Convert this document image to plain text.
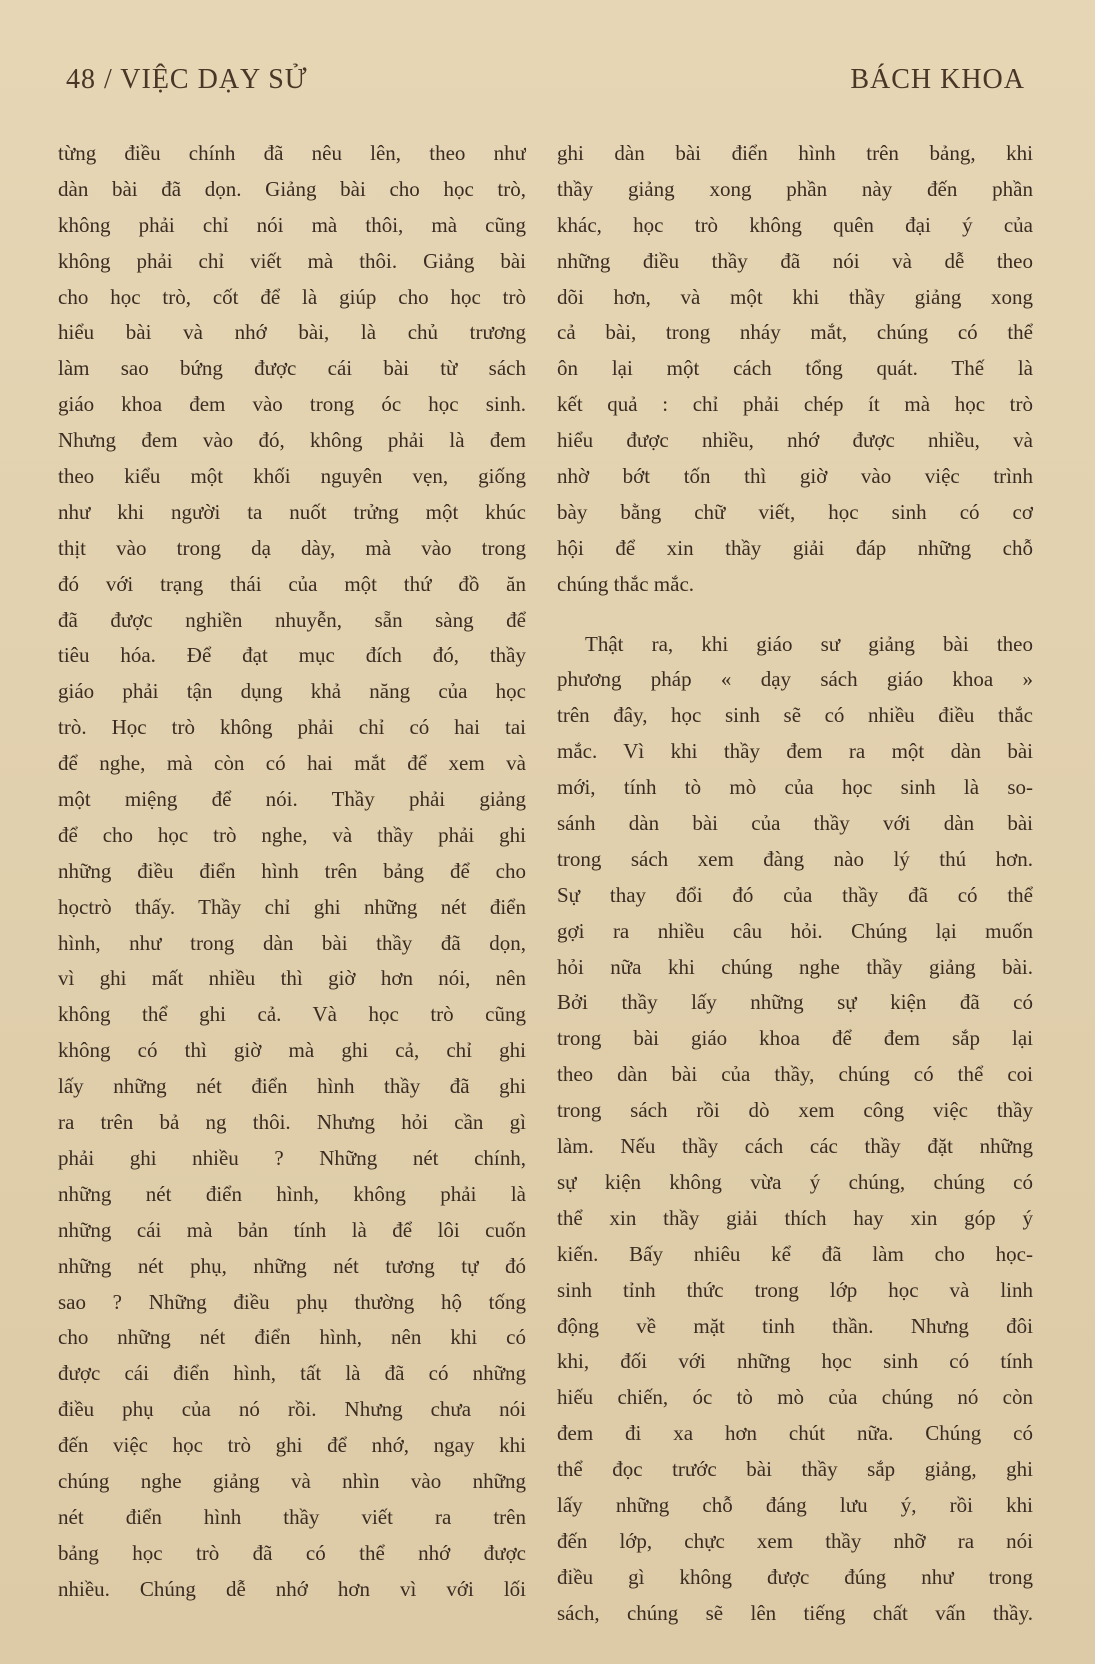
48 / VIỆC DẠY SỬ	BÁCH KHOA
từng điều chính đã nêu lên, theo như
dàn bài đã dọn. Giảng bài cho học trò,
không phải chỉ nói mà thôi, mà cũng
không phải chỉ viết mà thôi. Giảng bài
cho học trò, cốt để là giúp cho học trò
hiểu bài và nhớ bài, là chủ trương
làm sao bứng được cái bài từ sách
giáo khoa đem vào trong óc học sinh.
Nhưng đem vào đó, không phải là đem
theo kiểu một khối nguyên vẹn, giống
như khi người ta nuốt trửng một khúc
thịt vào trong dạ dày, mà vào trong
đó với trạng thái của một thứ đồ ăn
đã được nghiền nhuyễn, sẵn sàng để
tiêu hóa. Để đạt mục đích đó, thầy
giáo phải tận dụng khả năng của học
trò. Học trò không phải chỉ có hai tai
để nghe, mà còn có hai mắt để xem và
một miệng để nói. Thầy phải giảng
để cho học trò nghe, và thầy phải ghi
những điều điển hình trên bảng để cho
họctrò thấy. Thầy chỉ ghi những nét điển
hình, như trong dàn bài thầy đã dọn,
vì ghi mất nhiều thì giờ hơn nói, nên
không thể ghi cả. Và học trò cũng
không có thì giờ mà ghi cả, chỉ ghi
lấy những nét điển hình thầy đã ghi
ra trên bả ng thôi. Nhưng hỏi cần gì
phải ghi nhiều ? Những nét chính,
những nét điển hình, không phải là
những cái mà bản tính là để lôi cuốn
những nét phụ, những nét tương tự đó
sao ? Những điều phụ thường hộ tống
cho những nét điển hình, nên khi có
được cái điển hình, tất là đã có những
điều phụ của nó rồi. Nhưng chưa nói
đến việc học trò ghi để nhớ, ngay khi
chúng nghe giảng và nhìn vào những
nét điển hình thầy viết ra trên
bảng học trò đã có thể nhớ được
nhiều. Chúng dễ nhớ hơn vì với lối
ghi dàn bài điển hình trên bảng, khi
thầy giảng xong phần này đến phần
khác, học trò không quên đại ý của
những điều thầy đã nói và dễ theo
dõi hơn, và một khi thầy giảng xong
cả bài, trong nháy mắt, chúng có thể
ôn lại một cách tổng quát. Thế là
kết quả : chỉ phải chép ít mà học trò
hiểu được nhiều, nhớ được nhiều, và
nhờ bớt tốn thì giờ vào việc trình
bày bằng chữ viết, học sinh có cơ
hội để xin thầy giải đáp những chỗ
chúng thắc mắc.
Thật ra, khi giáo sư giảng bài theo
phương pháp « dạy sách giáo khoa »
trên đây, học sinh sẽ có nhiều điều thắc
mắc. Vì khi thầy đem ra một dàn bài
mới, tính tò mò của học sinh là so-
sánh dàn bài của thầy với dàn bài
trong sách xem đàng nào lý thú hơn.
Sự thay đổi đó của thầy đã có thể
gợi ra nhiều câu hỏi. Chúng lại muốn
hỏi nữa khi chúng nghe thầy giảng bài.
Bởi thầy lấy những sự kiện đã có
trong bài giáo khoa để đem sắp lại
theo dàn bài của thầy, chúng có thể coi
trong sách rồi dò xem công việc thầy
làm. Nếu thầy cách các thầy đặt những
sự kiện không vừa ý chúng, chúng có
thể xin thầy giải thích hay xin góp ý
kiến. Bấy nhiêu kể đã làm cho học-
sinh tỉnh thức trong lớp học và linh
động về mặt tinh thần. Nhưng đôi
khi, đối với những học sinh có tính
hiếu chiến, óc tò mò của chúng nó còn
đem đi xa hơn chút nữa. Chúng có
thể đọc trước bài thầy sắp giảng, ghi
lấy những chỗ đáng lưu ý, rồi khi
đến lớp, chực xem thầy nhỡ ra nói
điều gì không được đúng như trong
sách, chúng sẽ lên tiếng chất vấn thầy.
